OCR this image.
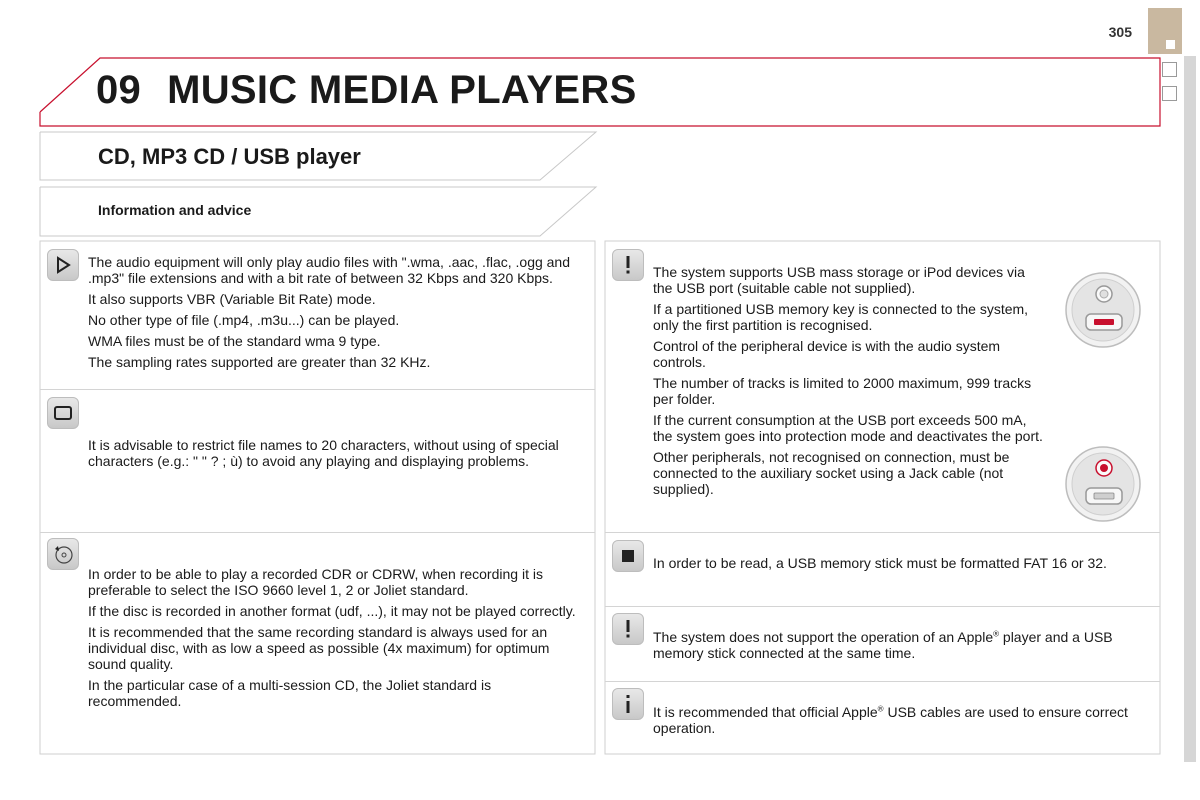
305
09 MUSIC MEDIA PLAYERS
CD, MP3 CD / USB player
Information and advice

The audio equipment will only play audio files with ".wma, .aac, .flac, .ogg and .mp3" file extensions and with a bit rate of between 32 Kbps and 320 Kbps.

It also supports VBR (Variable Bit Rate) mode.

No other type of file (.mp4, .m3u...) can be played.

WMA files must be of the standard wma 9 type.

The sampling rates supported are greater than 32 KHz.

It is advisable to restrict file names to 20 characters, without using of special characters (e.g.: " " ? ; ù) to avoid any playing and displaying problems.

In order to be able to play a recorded CDR or CDRW, when recording it is preferable to select the ISO 9660 level 1, 2 or Joliet standard.

If the disc is recorded in another format (udf, ...), it may not be played correctly.

It is recommended that the same recording standard is always used for an individual disc, with as low a speed as possible (4x maximum) for optimum sound quality.

In the particular case of a multi-session CD, the Joliet standard is recommended.

The system supports USB mass storage or iPod devices via the USB port (suitable cable not supplied).

If a partitioned USB memory key is connected to the system, only the first partition is recognised.

Control of the peripheral device is with the audio system controls.

The number of tracks is limited to 2000 maximum, 999 tracks per folder.

If the current consumption at the USB port exceeds 500 mA, the system goes into protection mode and deactivates the port.

Other peripherals, not recognised on connection, must be connected to the auxiliary socket using a Jack cable (not supplied).

In order to be read, a USB memory stick must be formatted FAT 16 or 32.

The system does not support the operation of an Apple® player and a USB memory stick connected at the same time.

It is recommended that official Apple® USB cables are used to ensure correct operation.
